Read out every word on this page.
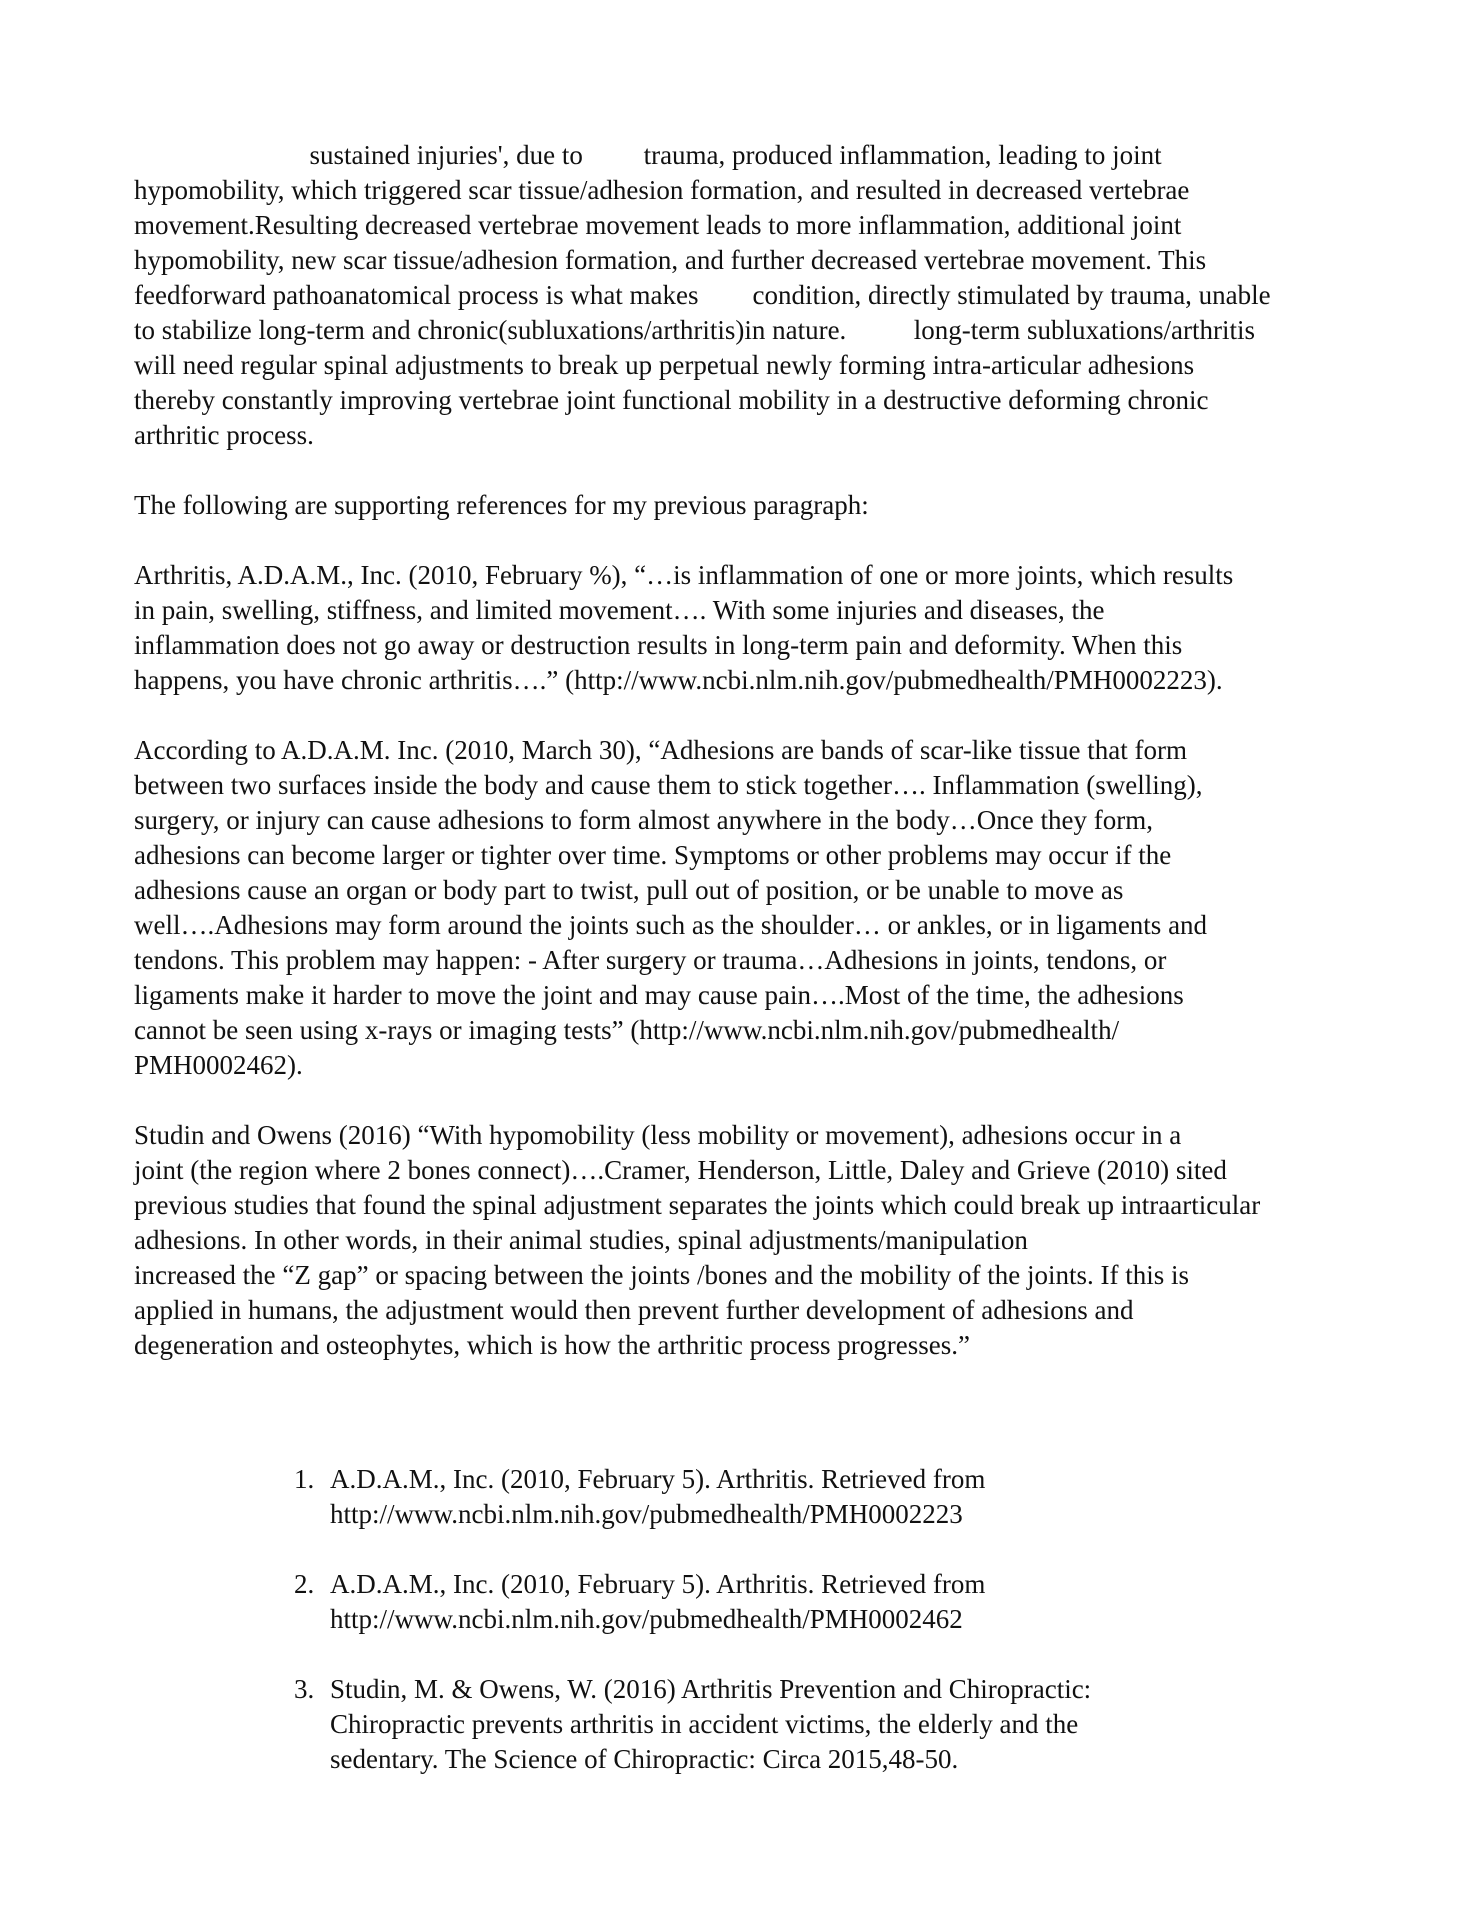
sustained injuries', due to         trauma, produced inflammation, leading to joint
hypomobility, which triggered scar tissue/adhesion formation, and resulted in decreased vertebrae
movement.Resulting decreased vertebrae movement leads to more inflammation, additional joint
hypomobility, new scar tissue/adhesion formation, and further decreased vertebrae movement. This
feedforward pathoanatomical process is what makes        condition, directly stimulated by trauma, unable
to stabilize long-term and chronic(subluxations/arthritis)in nature.          long-term subluxations/arthritis
will need regular spinal adjustments to break up perpetual newly forming intra-articular adhesions
thereby constantly improving vertebrae joint functional mobility in a destructive deforming chronic
arthritic process.

The following are supporting references for my previous paragraph:

Arthritis, A.D.A.M., Inc. (2010, February %), “…is inflammation of one or more joints, which results
in pain, swelling, stiffness, and limited movement…. With some injuries and diseases, the
inflammation does not go away or destruction results in long-term pain and deformity. When this
happens, you have chronic arthritis….” (http://www.ncbi.nlm.nih.gov/pubmedhealth/PMH0002223).

According to A.D.A.M. Inc. (2010, March 30), “Adhesions are bands of scar-like tissue that form
between two surfaces inside the body and cause them to stick together…. Inflammation (swelling),
surgery, or injury can cause adhesions to form almost anywhere in the body…Once they form,
adhesions can become larger or tighter over time. Symptoms or other problems may occur if the
adhesions cause an organ or body part to twist, pull out of position, or be unable to move as
well….Adhesions may form around the joints such as the shoulder… or ankles, or in ligaments and
tendons. This problem may happen: - After surgery or trauma…Adhesions in joints, tendons, or
ligaments make it harder to move the joint and may cause pain….Most of the time, the adhesions
cannot be seen using x-rays or imaging tests” (http://www.ncbi.nlm.nih.gov/pubmedhealth/
PMH0002462).

Studin and Owens (2016) “With hypomobility (less mobility or movement), adhesions occur in a
joint (the region where 2 bones connect)….Cramer, Henderson, Little, Daley and Grieve (2010) sited
previous studies that found the spinal adjustment separates the joints which could break up intraarticular
adhesions. In other words, in their animal studies, spinal adjustments/manipulation
increased the “Z gap” or spacing between the joints /bones and the mobility of the joints. If this is
applied in humans, the adjustment would then prevent further development of adhesions and
degeneration and osteophytes, which is how the arthritic process progresses.”

1. A.D.A.M., Inc. (2010, February 5). Arthritis. Retrieved from
http://www.ncbi.nlm.nih.gov/pubmedhealth/PMH0002223
2. A.D.A.M., Inc. (2010, February 5). Arthritis. Retrieved from
http://www.ncbi.nlm.nih.gov/pubmedhealth/PMH0002462
3. Studin, M. & Owens, W. (2016) Arthritis Prevention and Chiropractic:
Chiropractic prevents arthritis in accident victims, the elderly and the
sedentary. The Science of Chiropractic: Circa 2015,48-50.
